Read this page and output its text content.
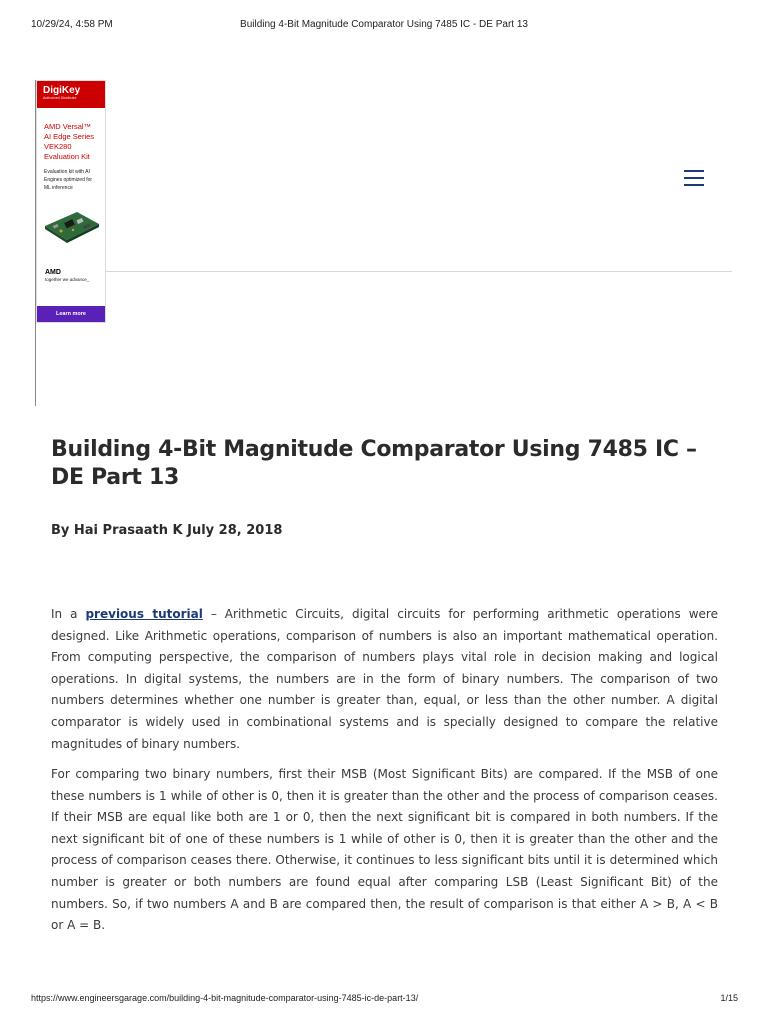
10/29/24, 4:58 PM	Building 4-Bit Magnitude Comparator Using 7485 IC - DE Part 13
DigiKey
Authorized Distributor
AMD Versal™ AI Edge Series VEK280 Evaluation Kit
Evaluation kit with AI Engines optimized for ML inference
AMD
together we advance_
Learn more
Building 4-Bit Magnitude Comparator Using 7485 IC – DE Part 13

By Hai Prasaath K July 28, 2018

In a previous tutorial – Arithmetic Circuits, digital circuits for performing arithmetic operations were designed. Like Arithmetic operations, comparison of numbers is also an important mathematical operation. From computing perspective, the comparison of numbers plays vital role in decision making and logical operations. In digital systems, the numbers are in the form of binary numbers. The comparison of two numbers determines whether one number is greater than, equal, or less than the other number. A digital comparator is widely used in combinational systems and is specially designed to compare the relative magnitudes of binary numbers.

For comparing two binary numbers, first their MSB (Most Significant Bits) are compared. If the MSB of one these numbers is 1 while of other is 0, then it is greater than the other and the process of comparison ceases. If their MSB are equal like both are 1 or 0, then the next significant bit is compared in both numbers. If the next significant bit of one of these numbers is 1 while of other is 0, then it is greater than the other and the process of comparison ceases there. Otherwise, it continues to less significant bits until it is determined which number is greater or both numbers are found equal after comparing LSB (Least Significant Bit) of the numbers. So, if two numbers A and B are compared then, the result of comparison is that either A > B, A < B or A = B.

https://www.engineersgarage.com/building-4-bit-magnitude-comparator-using-7485-ic-de-part-13/	1/15
